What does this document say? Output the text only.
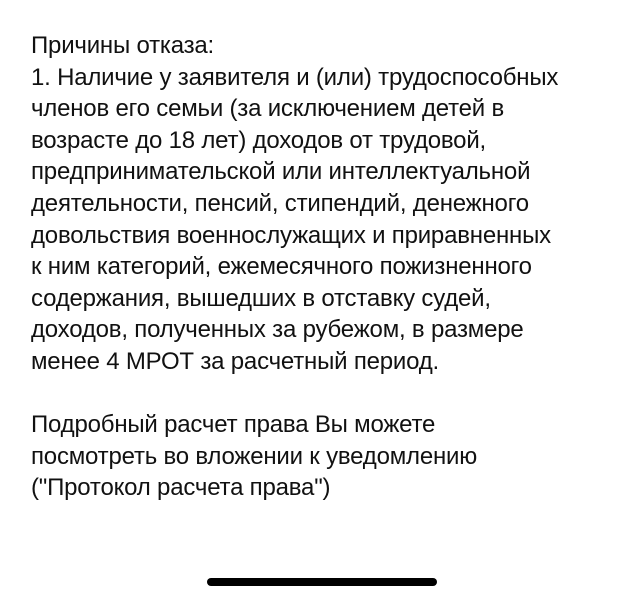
Причины отказа:
1. Наличие у заявителя и (или) трудоспособных
членов его семьи (за исключением детей в
возрасте до 18 лет) доходов от трудовой,
предпринимательской или интеллектуальной
деятельности, пенсий, стипендий, денежного
довольствия военнослужащих и приравненных
к ним категорий, ежемесячного пожизненного
содержания, вышедших в отставку судей,
доходов, полученных за рубежом, в размере
менее 4 МРОТ за расчетный период.
Подробный расчет права Вы можете
посмотреть во вложении к уведомлению
("Протокол расчета права")
